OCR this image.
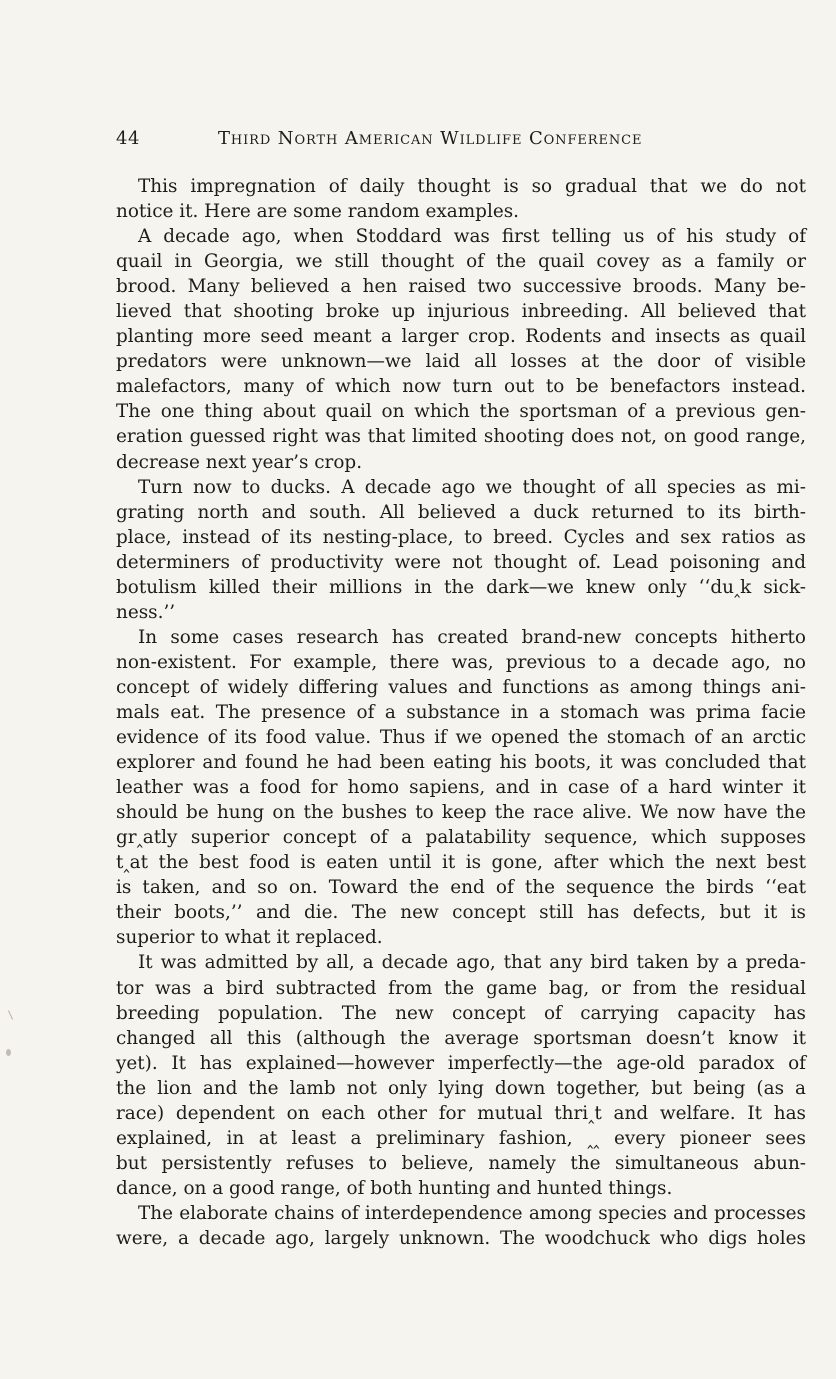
44	Third North American Wildlife Conference

This impregnation of daily thought is so gradual that we do not
notice it. Here are some random examples.

A decade ago, when Stoddard was first telling us of his study of
quail in Georgia, we still thought of the quail covey as a family or
brood. Many believed a hen raised two successive broods. Many be-
lieved that shooting broke up injurious inbreeding. All believed that
planting more seed meant a larger crop. Rodents and insects as quail
predators were unknown—we laid all losses at the door of visible
malefactors, many of which now turn out to be benefactors instead.
The one thing about quail on which the sportsman of a previous gen-
eration guessed right was that limited shooting does not, on good range,
decrease next year’s crop.

Turn now to ducks. A decade ago we thought of all species as mi-
grating north and south. All believed a duck returned to its birth-
place, instead of its nesting-place, to breed. Cycles and sex ratios as
determiners of productivity were not thought of. Lead poisoning and
botulism killed their millions in the dark—we knew only ‘‘du‸k sick-
ness.’’

In some cases research has created brand-new concepts hitherto
non-existent. For example, there was, previous to a decade ago, no
concept of widely differing values and functions as among things ani-
mals eat. The presence of a substance in a stomach was prima facie
evidence of its food value. Thus if we opened the stomach of an arctic
explorer and found he had been eating his boots, it was concluded that
leather was a food for homo sapiens, and in case of a hard winter it
should be hung on the bushes to keep the race alive. We now have the
gr‸atly superior concept of a palatability sequence, which supposes
t‸at the best food is eaten until it is gone, after which the next best
is taken, and so on. Toward the end of the sequence the birds ‘‘eat
their boots,’’ and die. The new concept still has defects, but it is
superior to what it replaced.

It was admitted by all, a decade ago, that any bird taken by a preda-
tor was a bird subtracted from the game bag, or from the residual
breeding population. The new concept of carrying capacity has
changed all this (although the average sportsman doesn’t know it
yet). It has explained—however imperfectly—the age-old paradox of
the lion and the lamb not only lying down together, but being (as a
race) dependent on each other for mutual thri‸t and welfare. It has
explained, in at least a preliminary fashion, ‸‸ every pioneer sees
but persistently refuses to believe, namely the simultaneous abun-
dance, on a good range, of both hunting and hunted things.

The elaborate chains of interdependence among species and processes
were, a decade ago, largely unknown. The woodchuck who digs holes
